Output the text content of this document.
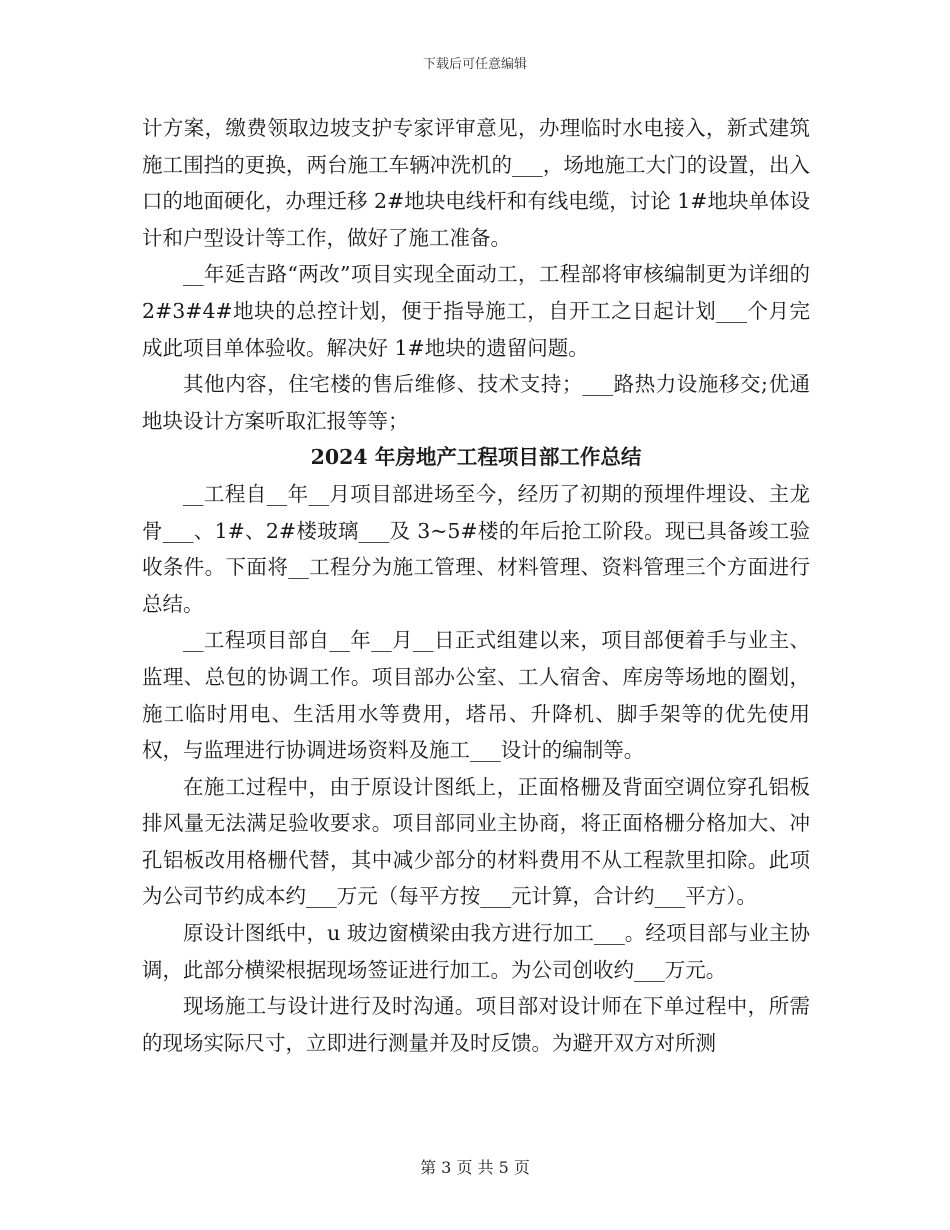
下载后可任意编辑

计方案，缴费领取边坡支护专家评审意见，办理临时水电接入，新式建筑施工围挡的更换，两台施工车辆冲洗机的___，场地施工大门的设置，出入口的地面硬化，办理迁移 2#地块电线杆和有线电缆，讨论 1#地块单体设计和户型设计等工作，做好了施工准备。

__年延吉路“两改”项目实现全面动工，工程部将审核编制更为详细的 2#3#4#地块的总控计划，便于指导施工，自开工之日起计划___个月完成此项目单体验收。解决好 1#地块的遗留问题。

其他内容，住宅楼的售后维修、技术支持；___路热力设施移交;优通地块设计方案听取汇报等等；

2024 年房地产工程项目部工作总结

__工程自__年__月项目部进场至今，经历了初期的预埋件埋设、主龙骨___、1#、2#楼玻璃___及 3~5#楼的年后抢工阶段。现已具备竣工验收条件。下面将__工程分为施工管理、材料管理、资料管理三个方面进行总结。

__工程项目部自__年__月__日正式组建以来，项目部便着手与业主、监理、总包的协调工作。项目部办公室、工人宿舍、库房等场地的圈划，施工临时用电、生活用水等费用，塔吊、升降机、脚手架等的优先使用权，与监理进行协调进场资料及施工___设计的编制等。

在施工过程中，由于原设计图纸上，正面格栅及背面空调位穿孔铝板排风量无法满足验收要求。项目部同业主协商，将正面格栅分格加大、冲孔铝板改用格栅代替，其中减少部分的材料费用不从工程款里扣除。此项为公司节约成本约___万元（每平方按___元计算，合计约___平方）。

原设计图纸中，u 玻边窗横梁由我方进行加工___。经项目部与业主协调，此部分横梁根据现场签证进行加工。为公司创收约___万元。

现场施工与设计进行及时沟通。项目部对设计师在下单过程中，所需的现场实际尺寸，立即进行测量并及时反馈。为避开双方对所测

第 3 页 共 5 页
